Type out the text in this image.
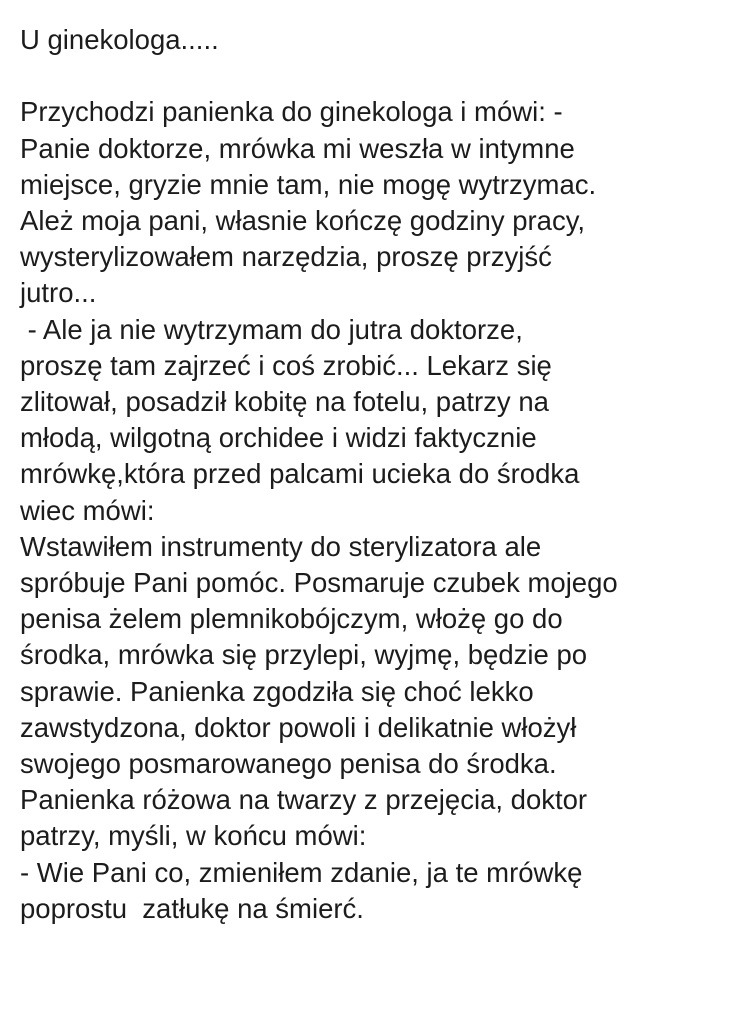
U ginekologa.....

Przychodzi panienka do ginekologa i mówi: -

Panie doktorze, mrówka mi weszła w intymne

miejsce, gryzie mnie tam, nie mogę wytrzymac.

Ależ moja pani, własnie kończę godziny pracy,

wysterylizowałem narzędzia, proszę przyjść

jutro...

- Ale ja nie wytrzymam do jutra doktorze,

proszę tam zajrzeć i coś zrobić... Lekarz się

zlitował, posadził kobitę na fotelu, patrzy na

młodą, wilgotną orchidee i widzi faktycznie

mrówkę,która przed palcami ucieka do środka

wiec mówi:

Wstawiłem instrumenty do sterylizatora ale

spróbuje Pani pomóc. Posmaruje czubek mojego

penisa żelem plemnikobójczym, włożę go do

środka, mrówka się przylepi, wyjmę, będzie po

sprawie. Panienka zgodziła się choć lekko

zawstydzona, doktor powoli i delikatnie włożył

swojego posmarowanego penisa do środka.

Panienka różowa na twarzy z przejęcia, doktor

patrzy, myśli, w końcu mówi:

- Wie Pani co, zmieniłem zdanie, ja te mrówkę

poprostu  zatłukę na śmierć.
